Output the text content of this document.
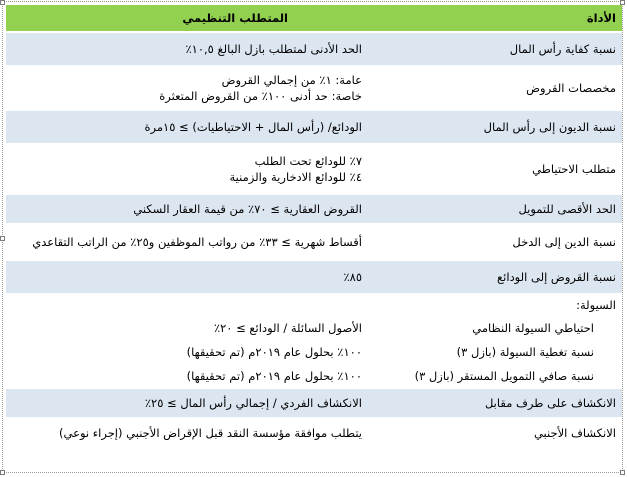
الأداة	المتطلب التنظيمي
نسبة كفاية رأس المال	الحد الأدنى لمتطلب بازل البالغ ١٠,٥٪
مخصصات القروض	عامة: ١٪ من إجمالي القروض
خاصة: حد أدنى ١٠٠٪ من القروض المتعثرة

نسبة الديون إلى رأس المال	الودائع/ (رأس المال + الاحتياطيات) ≥ ١٥مرة
متطلب الاحتياطي	٧٪ للودائع تحت الطلب
٤٪ للودائع الادخارية والزمنية

الحد الأقصى للتمويل	القروض العقارية ≥ ٧٠٪ من قيمة العقار السكني
نسبة الدين إلى الدخل	أقساط شهرية ≥ ٣٣٪ من رواتب الموظفين و٢٥٪ من الراتب التقاعدي
نسبة القروض إلى الودائع	٨٥٪
السيولة:	
احتياطي السيولة النظامي	الأصول السائلة / الودائع ≥ ٢٠٪
نسبة تغطية السيولة (بازل ٣)	١٠٠٪ بحلول عام ٢٠١٩م (تم تحقيقها)
نسبة صافي التمويل المستقر (بازل ٣)	١٠٠٪ بحلول عام ٢٠١٩م (تم تحقيقها)
الانكشاف على طرف مقابل	الانكشاف الفردي / إجمالي رأس المال ≥ ٢٥٪
الانكشاف الأجنبي	يتطلب موافقة مؤسسة النقد قبل الإقراض الأجنبي (إجراء نوعي)
